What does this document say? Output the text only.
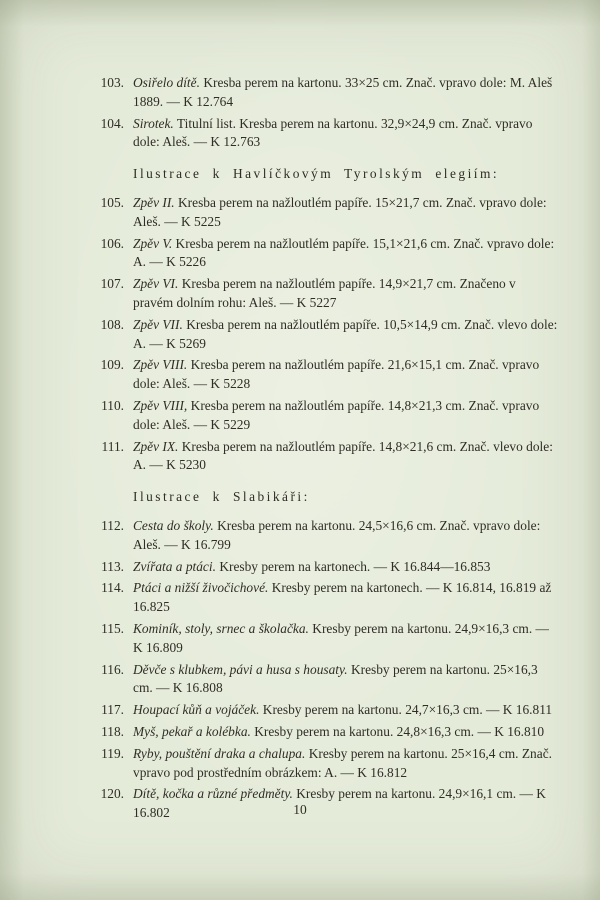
103. Osiřelo dítě. Kresba perem na kartonu. 33×25 cm. Znač. vpravo dole: M. Aleš 1889. — K 12.764
104. Sirotek. Titulní list. Kresba perem na kartonu. 32,9×24,9 cm. Znač. vpravo dole: Aleš. — K 12.763
Ilustrace k Havlíčkovým Tyrolským elegiím:
105. Zpěv II. Kresba perem na nažloutlém papíře. 15×21,7 cm. Znač. vpravo dole: Aleš. — K 5225
106. Zpěv V. Kresba perem na nažloutlém papíře. 15,1×21,6 cm. Znač. vpravo dole: A. — K 5226
107. Zpěv VI. Kresba perem na nažloutlém papíře. 14,9×21,7 cm. Značeno v pravém dolním rohu: Aleš. — K 5227
108. Zpěv VII. Kresba perem na nažloutlém papíře. 10,5×14,9 cm. Znač. vlevo dole: A. — K 5269
109. Zpěv VIII. Kresba perem na nažloutlém papíře. 21,6×15,1 cm. Znač. vpravo dole: Aleš. — K 5228
110. Zpěv VIII, Kresba perem na nažloutlém papíře. 14,8×21,3 cm. Znač. vpravo dole: Aleš. — K 5229
111. Zpěv IX. Kresba perem na nažloutlém papíře. 14,8×21,6 cm. Znač. vlevo dole: A. — K 5230
Ilustrace k Slabikáři:
112. Cesta do školy. Kresba perem na kartonu. 24,5×16,6 cm. Znač. vpravo dole: Aleš. — K 16.799
113. Zvířata a ptáci. Kresby perem na kartonech. — K 16.844—16.853
114. Ptáci a nižší živočichové. Kresby perem na kartonech. — K 16.814, 16.819 až 16.825
115. Kominík, stoly, srnec a školačka. Kresby perem na kartonu. 24,9×16,3 cm. — K 16.809
116. Děvče s klubkem, pávi a husa s housaty. Kresby perem na kartonu. 25×16,3 cm. — K 16.808
117. Houpací kůň a vojáček. Kresby perem na kartonu. 24,7×16,3 cm. — K 16.811
118. Myš, pekař a kolébka. Kresby perem na kartonu. 24,8×16,3 cm. — K 16.810
119. Ryby, pouštění draka a chalupa. Kresby perem na kartonu. 25×16,4 cm. Znač. vpravo pod prostředním obrázkem: A. — K 16.812
120. Dítě, kočka a různé předměty. Kresby perem na kartonu. 24,9×16,1 cm. — K 16.802	10
